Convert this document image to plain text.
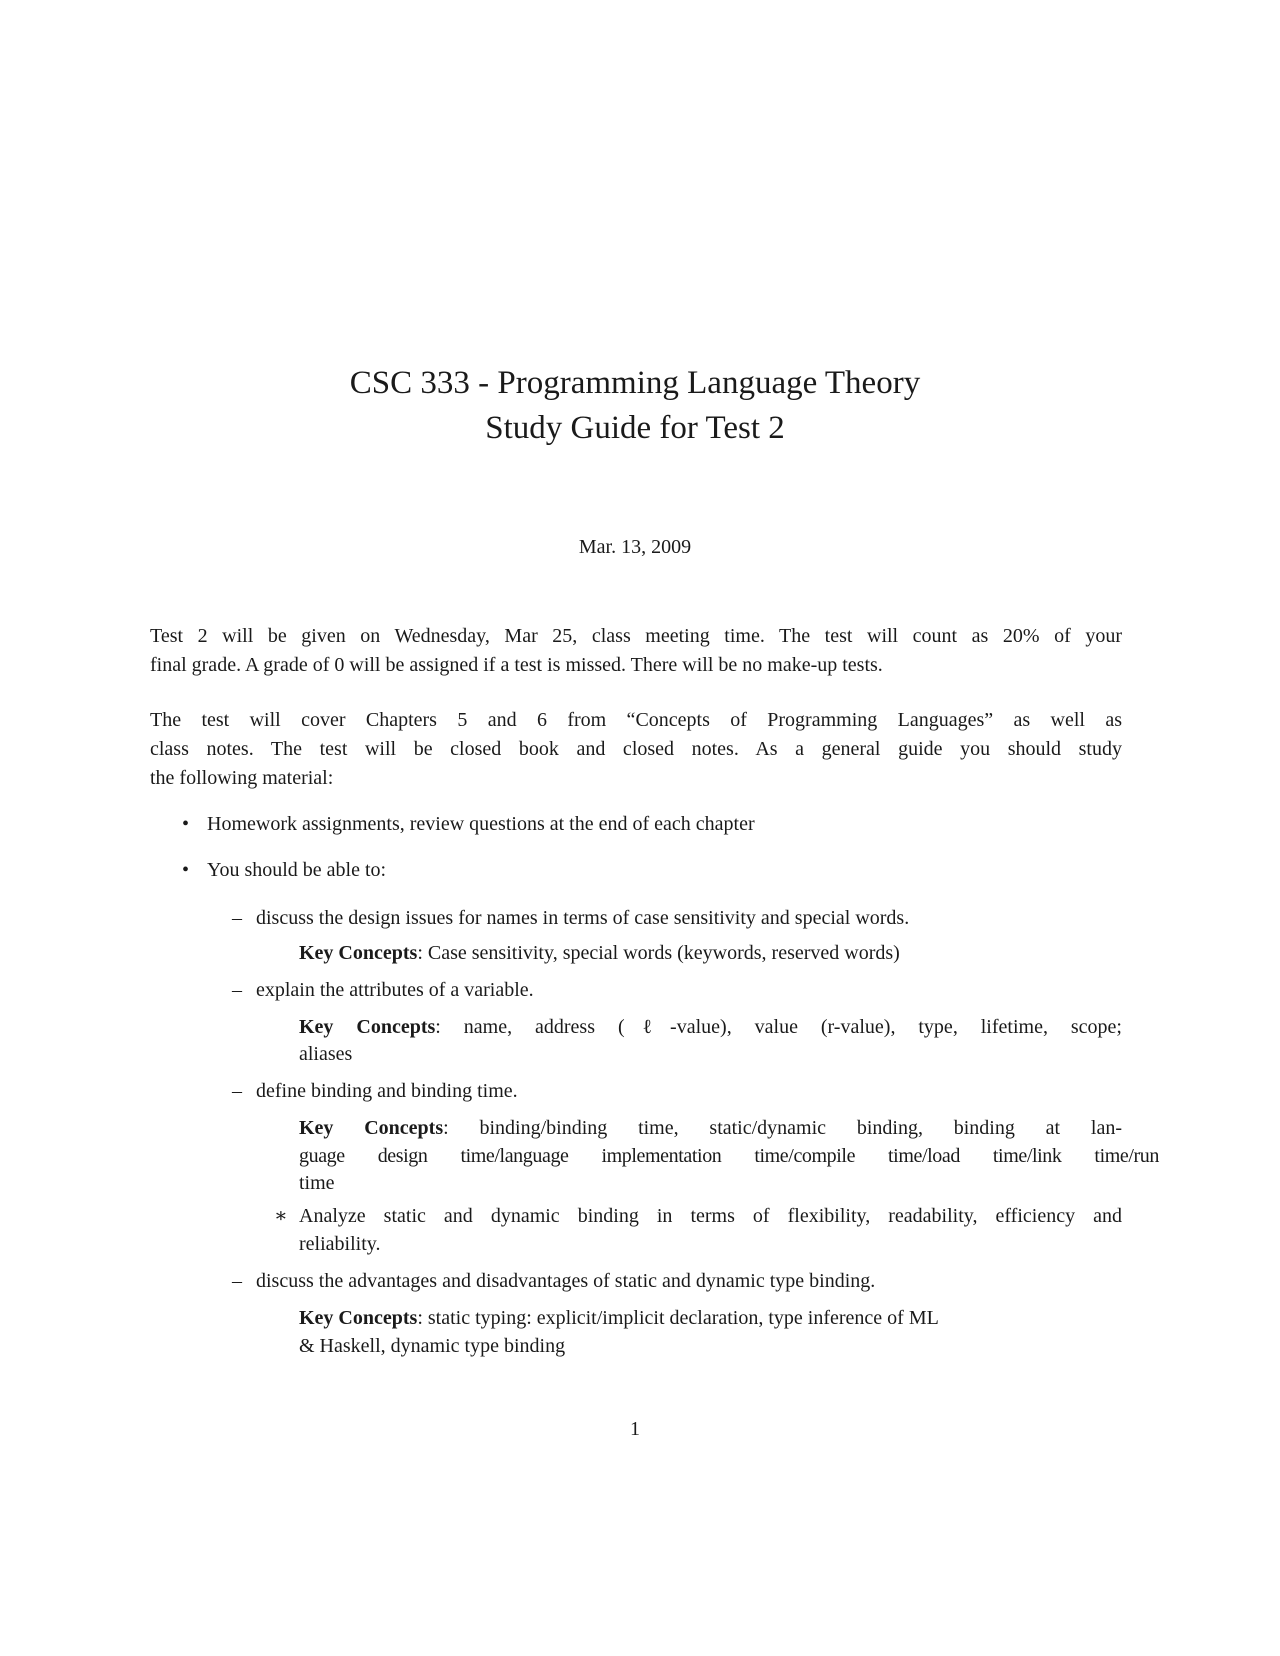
CSC 333 - Programming Language Theory
Study Guide for Test 2
Mar. 13, 2009
Test 2 will be given on Wednesday, Mar 25, class meeting time. The test will count as 20% of your
final grade. A grade of 0 will be assigned if a test is missed. There will be no make-up tests.
The test will cover Chapters 5 and 6 from “Concepts of Programming Languages” as well as
class notes. The test will be closed book and closed notes. As a general guide you should study
the following material:
• Homework assignments, review questions at the end of each chapter
• You should be able to:
– discuss the design issues for names in terms of case sensitivity and special words.
Key Concepts: Case sensitivity, special words (keywords, reserved words)
– explain the attributes of a variable.
Key Concepts: name, address (ℓ-value), value (r-value), type, lifetime, scope;
aliases
– define binding and binding time.
Key Concepts: binding/binding time, static/dynamic binding, binding at lan-
guage design time/language implementation time/compile time/load time/link time/run
time
∗ Analyze static and dynamic binding in terms of flexibility, readability, efficiency and
reliability.
– discuss the advantages and disadvantages of static and dynamic type binding.
Key Concepts: static typing: explicit/implicit declaration, type inference of ML
& Haskell, dynamic type binding
1
